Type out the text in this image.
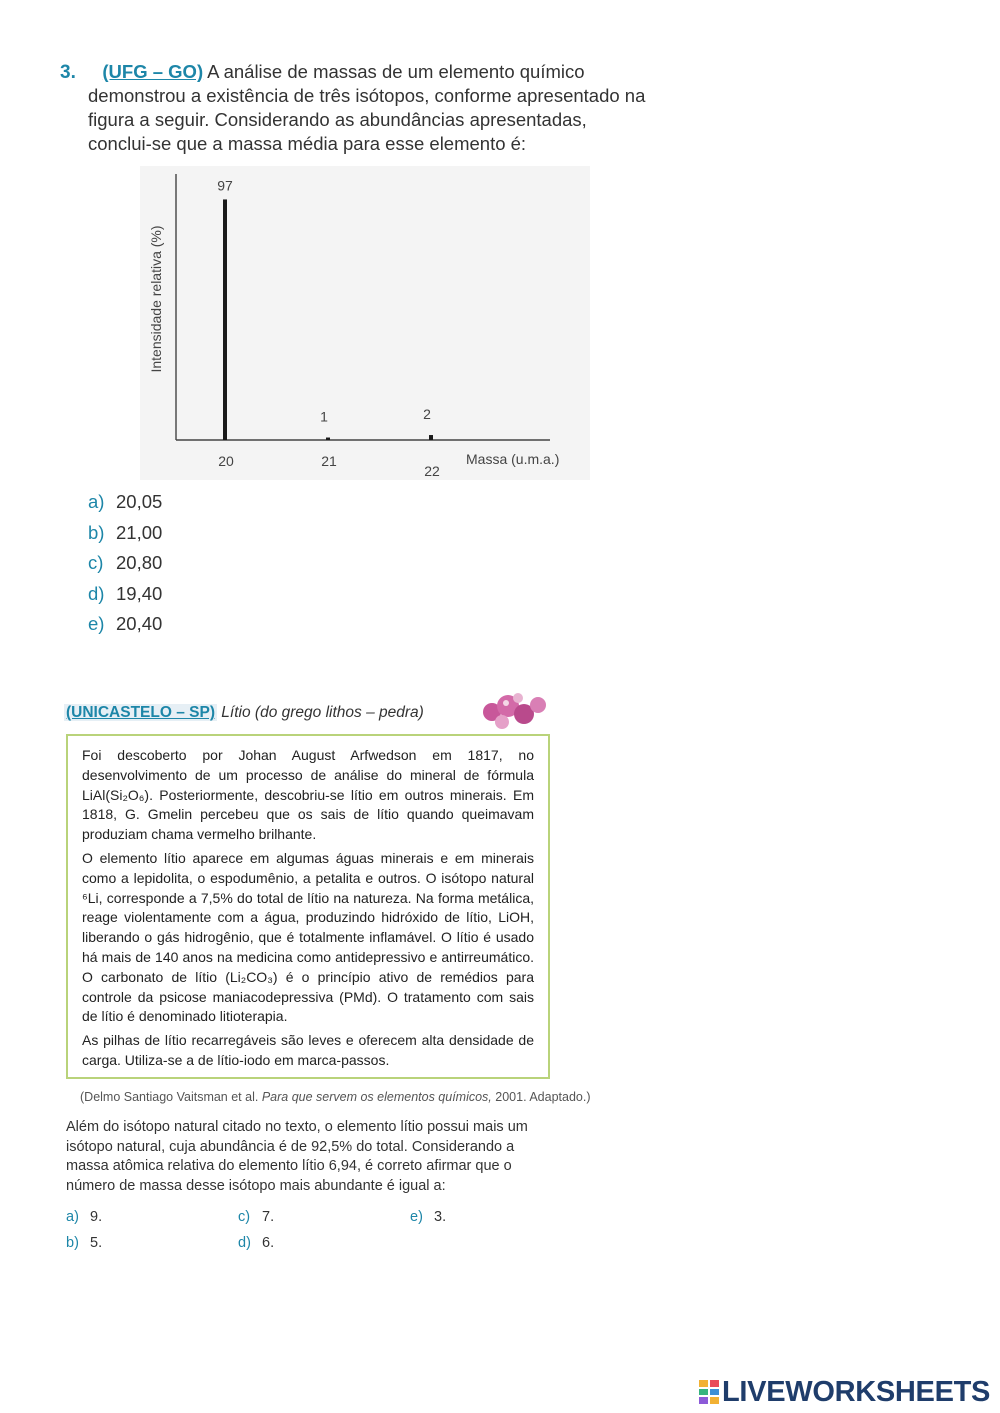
3.	(UFG – GO) A análise de massas de um elemento químico demonstrou a existência de três isótopos, conforme apresentado na figura a seguir. Considerando as abundâncias apresentadas, conclui-se que a massa média para esse elemento é:
Intensidade relativa (%)
Massa (u.m.a.)
97
20
1
21
2
22
a) 20,05
b) 21,00
c) 20,80
d) 19,40
e) 20,40
(UNICASTELO – SP) Lítio (do grego lithos – pedra)

Foi descoberto por Johan August Arfwedson em 1817, no desenvolvimento de um processo de análise do mineral de fórmula LiAl(Si₂O₆). Posteriormente, descobriu-se lítio em outros minerais. Em 1818, G. Gmelin percebeu que os sais de lítio quando queimavam produziam chama vermelho brilhante.

O elemento lítio aparece em algumas águas minerais e em minerais como a lepidolita, o espodumênio, a petalita e outros. O isótopo natural ⁶Li, corresponde a 7,5% do total de lítio na natureza. Na forma metálica, reage violentamente com a água, produzindo hidróxido de lítio, LiOH, liberando o gás hidrogênio, que é totalmente inflamável. O lítio é usado há mais de 140 anos na medicina como antidepressivo e antirreumático. O carbonato de lítio (Li₂CO₃) é o princípio ativo de remédios para controle da psicose maniacodepressiva (PMd). O tratamento com sais de lítio é denominado litioterapia.

As pilhas de lítio recarregáveis são leves e oferecem alta densidade de carga. Utiliza-se a de lítio-iodo em marca-passos.

(Delmo Santiago Vaitsman et al. Para que servem os elementos químicos, 2001. Adaptado.)
Além do isótopo natural citado no texto, o elemento lítio possui mais um isótopo natural, cuja abundância é de 92,5% do total. Considerando a massa atômica relativa do elemento lítio 6,94, é correto afirmar que o número de massa desse isótopo mais abundante é igual a:
a) 9.
b) 5.
c) 7.
d) 6.
e) 3.
LIVEWORKSHEETS
